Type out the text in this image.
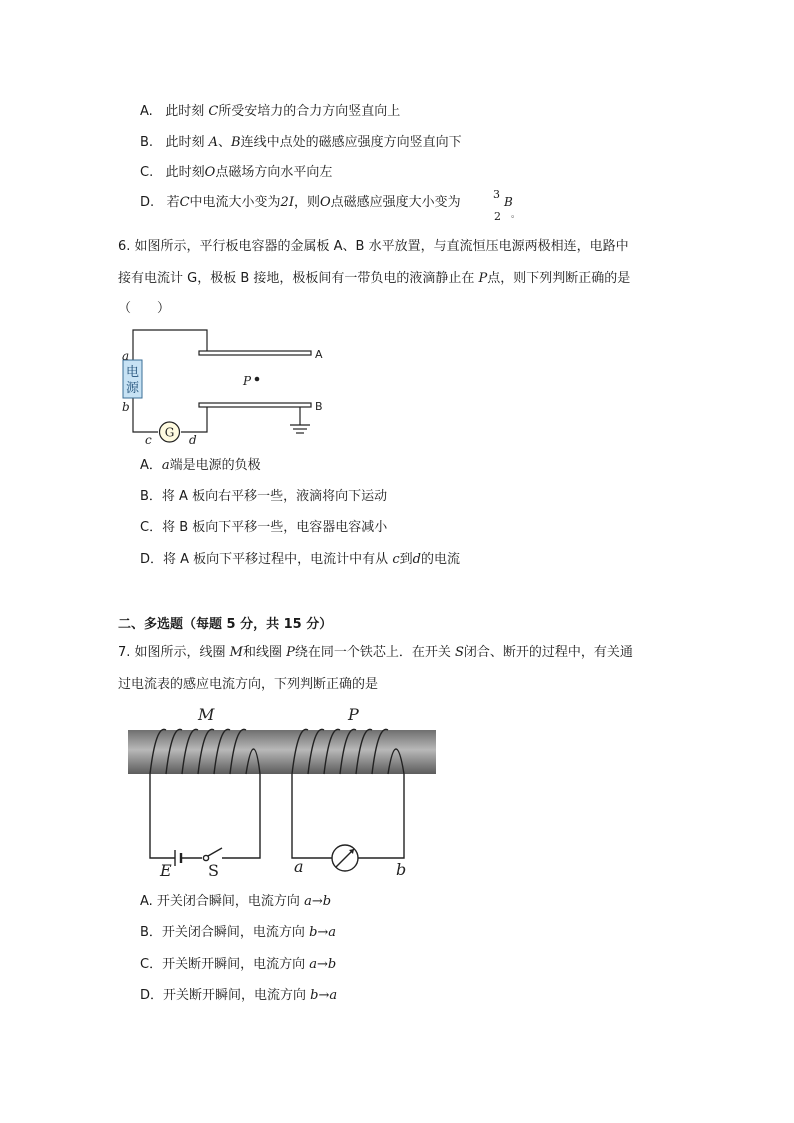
A. 此时刻 C所受安培力的合力方向竖直向上
B. 此时刻 A、B连线中点处的磁感应强度方向竖直向下
C. 此时刻O点磁场方向水平向左
D. 若C中电流大小变为2I，则O点磁感应强度大小变为
3
B
2 。
6. 如图所示，平行板电容器的金属板 A、B 水平放置，与直流恒压电源两极相连，电路中
接有电流计 G，极板 B 接地，极板间有一带负电的液滴静止在 P点，则下列判断正确的是
（　　）
电
源
G
a
b
c	d
P
A
B
A．a端是电源的负极
B．将 A 板向右平移一些，液滴将向下运动
C．将 B 板向下平移一些，电容器电容减小
D．将 A 板向下平移过程中，电流计中有从 c到d的电流
二、多选题（每题 5 分，共 15 分）
7. 如图所示，线圈 M和线圈 P绕在同一个铁芯上．在开关 S闭合、断开的过程中，有关通
过电流表的感应电流方向，下列判断正确的是
M	P
E S	a	b
A. 开关闭合瞬间，电流方向 a→b
B．开关闭合瞬间，电流方向 b→a
C．开关断开瞬间，电流方向 a→b
D．开关断开瞬间，电流方向 b→a
